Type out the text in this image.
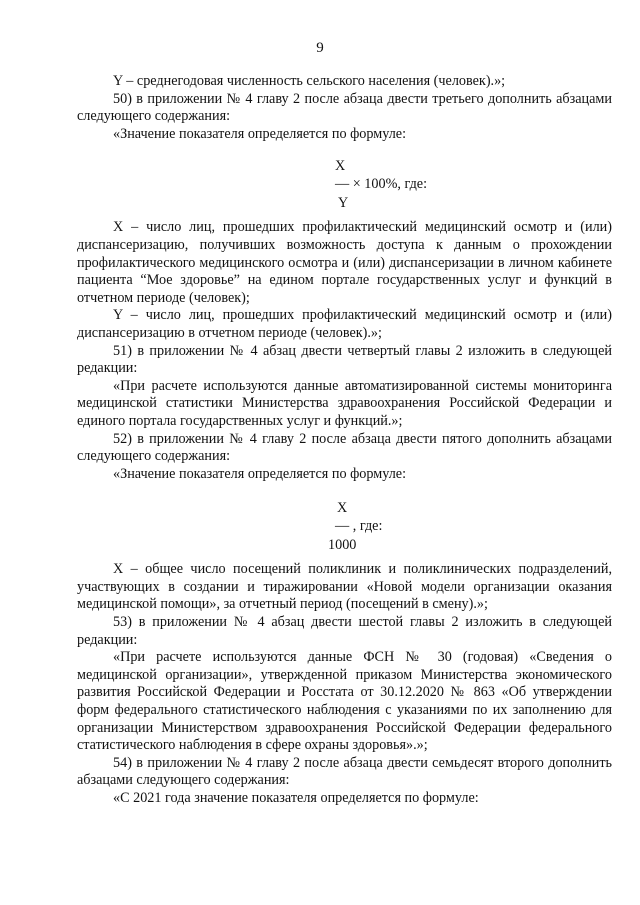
9

Y – среднегодовая численность сельского населения (человек).»;

50) в приложении № 4 главу 2 после абзаца двести третьего дополнить абзацами следующего содержания:

«Значение показателя определяется по формуле:

X
— × 100%, где:
Y

X – число лиц, прошедших профилактический медицинский осмотр и (или) диспансеризацию, получивших возможность доступа к данным о прохождении профилактического медицинского осмотра и (или) диспансеризации в личном кабинете пациента “Мое здоровье” на едином портале государственных услуг и функций в отчетном периоде (человек);

Y – число лиц, прошедших профилактический медицинский осмотр и (или) диспансеризацию в отчетном периоде (человек).»;

51) в приложении № 4 абзац двести четвертый главы 2 изложить в следующей редакции:

«При расчете используются данные автоматизированной системы мониторинга медицинской статистики Министерства здравоохранения Российской Федерации и единого портала государственных услуг и функций.»;

52) в приложении № 4 главу 2 после абзаца двести пятого дополнить абзацами следующего содержания:

«Значение показателя определяется по формуле:

X
— , где:
1000

X – общее число посещений поликлиник и поликлинических подразделений, участвующих в создании и тиражировании «Новой модели организации оказания медицинской помощи», за отчетный период (посещений в смену).»;

53) в приложении № 4 абзац двести шестой главы 2 изложить в следующей редакции:

«При расчете используются данные ФСН № 30 (годовая) «Сведения о медицинской организации», утвержденной приказом Министерства экономического развития Российской Федерации и Росстата от 30.12.2020 № 863 «Об утверждении форм федерального статистического наблюдения с указаниями по их заполнению для организации Министерством здравоохранения Российской Федерации федерального статистического наблюдения в сфере охраны здоровья».»;

54) в приложении № 4 главу 2 после абзаца двести семьдесят второго дополнить абзацами следующего содержания:

«С 2021 года значение показателя определяется по формуле:
